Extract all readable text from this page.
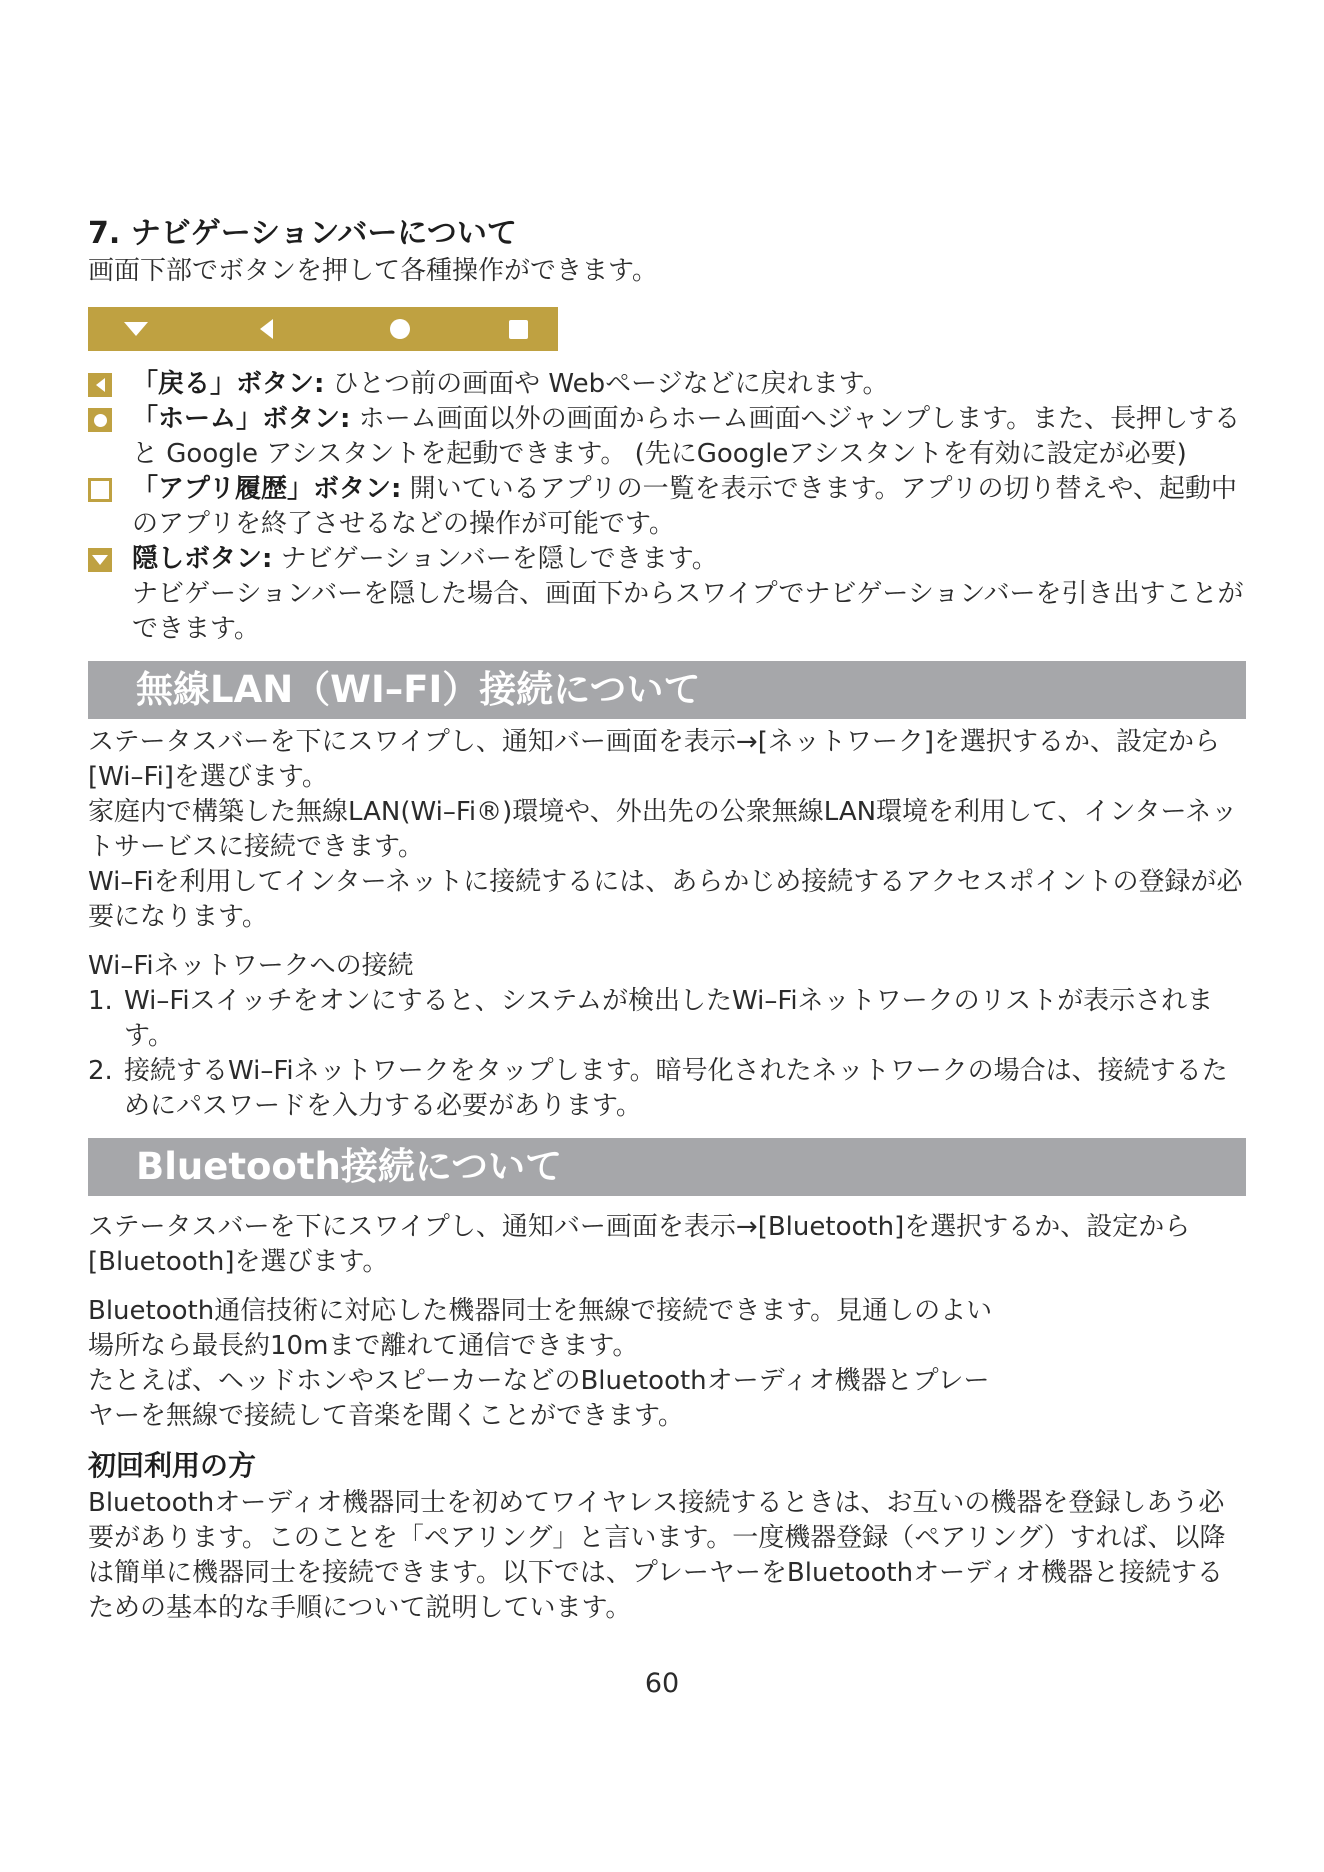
7. ナビゲーションバーについて

画面下部でボタンを押して各種操作ができます。

「戻る」ボタン: ひとつ前の画面や Webページなどに戻れます。
「ホーム」ボタン: ホーム画面以外の画面からホーム画面へジャンプします。また、長押しすると Google アシスタントを起動できます。 (先にGoogleアシスタントを有効に設定が必要)
「アプリ履歴」ボタン: 開いているアプリの一覧を表示できます。アプリの切り替えや、起動中のアプリを終了させるなどの操作が可能です。
隠しボタン: ナビゲーションバーを隠しできます。
ナビゲーションバーを隠した場合、画面下からスワイプでナビゲーションバーを引き出すことができます。
無線LAN（WI–FI）接続について

ステータスバーを下にスワイプし、通知バー画面を表示→[ネットワーク]を選択するか、設定から[Wi–Fi]を選びます。

家庭内で構築した無線LAN(Wi–Fi®)環境や、外出先の公衆無線LAN環境を利用して、インターネットサービスに接続できます。

Wi–Fiを利用してインターネットに接続するには、あらかじめ接続するアクセスポイントの登録が必要になります。

Wi–Fiネットワークへの接続

1. Wi–Fiスイッチをオンにすると、システムが検出したWi–Fiネットワークのリストが表示されます。
2. 接続するWi–Fiネットワークをタップします。暗号化されたネットワークの場合は、接続するためにパスワードを入力する必要があります。
Bluetooth接続について

ステータスバーを下にスワイプし、通知バー画面を表示→[Bluetooth]を選択するか、設定から[Bluetooth]を選びます。

Bluetooth通信技術に対応した機器同士を無線で接続できます。見通しのよい

場所なら最長約10mまで離れて通信できます。

たとえば、ヘッドホンやスピーカーなどのBluetoothオーディオ機器とプレー

ヤーを無線で接続して音楽を聞くことができます。

初回利用の方

Bluetoothオーディオ機器同士を初めてワイヤレス接続するときは、お互いの機器を登録しあう必要があります。このことを「ペアリング」と言います。一度機器登録（ペアリング）すれば、以降は簡単に機器同士を接続できます。以下では、プレーヤーをBluetoothオーディオ機器と接続するための基本的な手順について説明しています。

60
